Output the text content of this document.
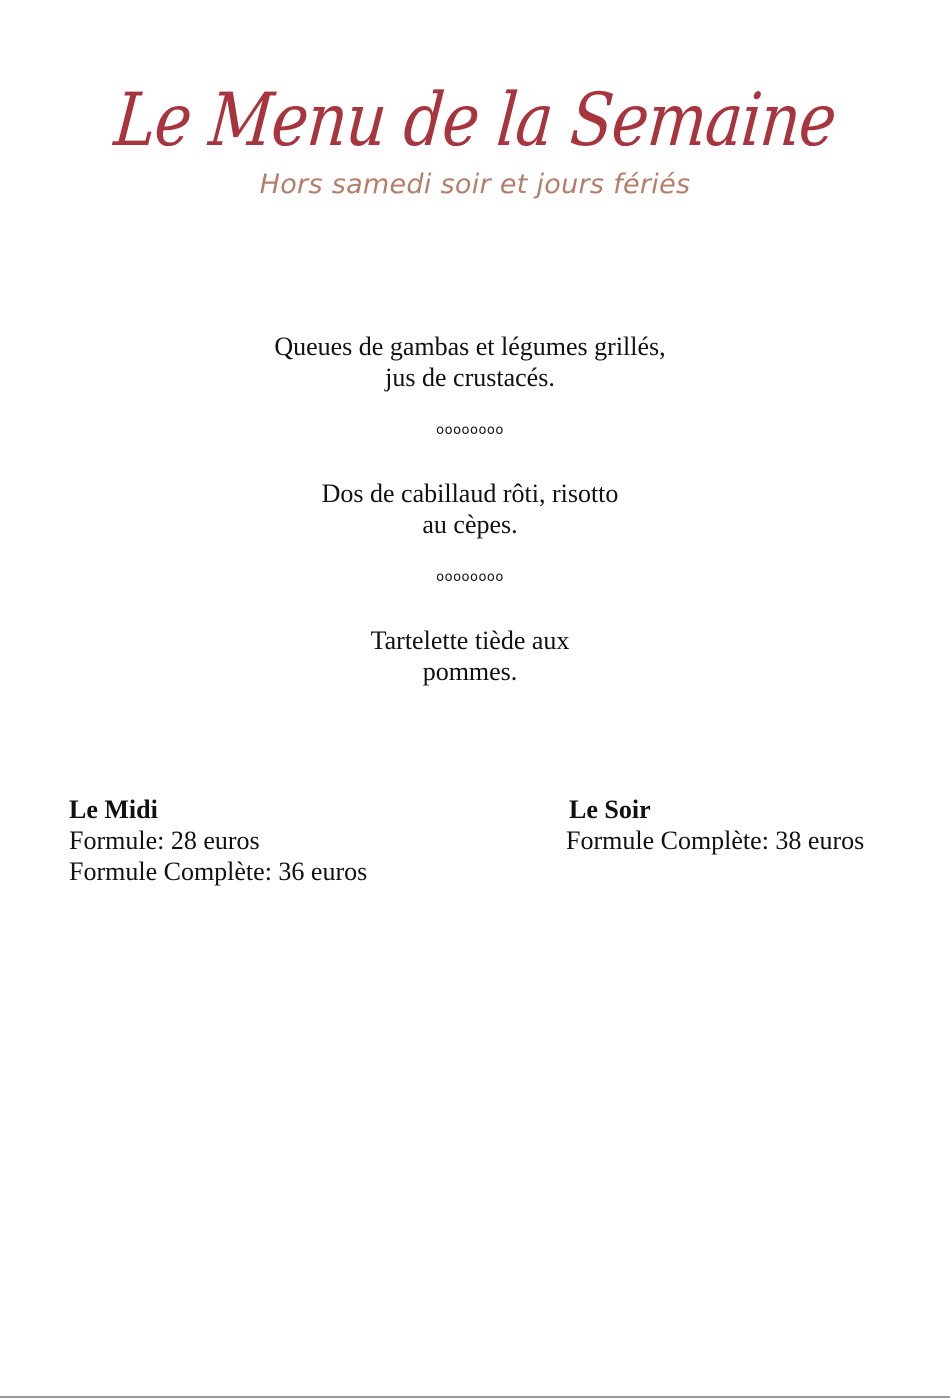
Le Menu de la Semaine
Hors samedi soir et jours fériés
Queues de gambas et légumes grillés,
jus de crustacés.
oooooooo
Dos de cabillaud rôti, risotto
au cèpes.
oooooooo
Tartelette tiède aux
pommes.
Le Midi
Formule: 28 euros
Formule Complète: 36 euros
Le Soir
Formule Complète: 38 euros
